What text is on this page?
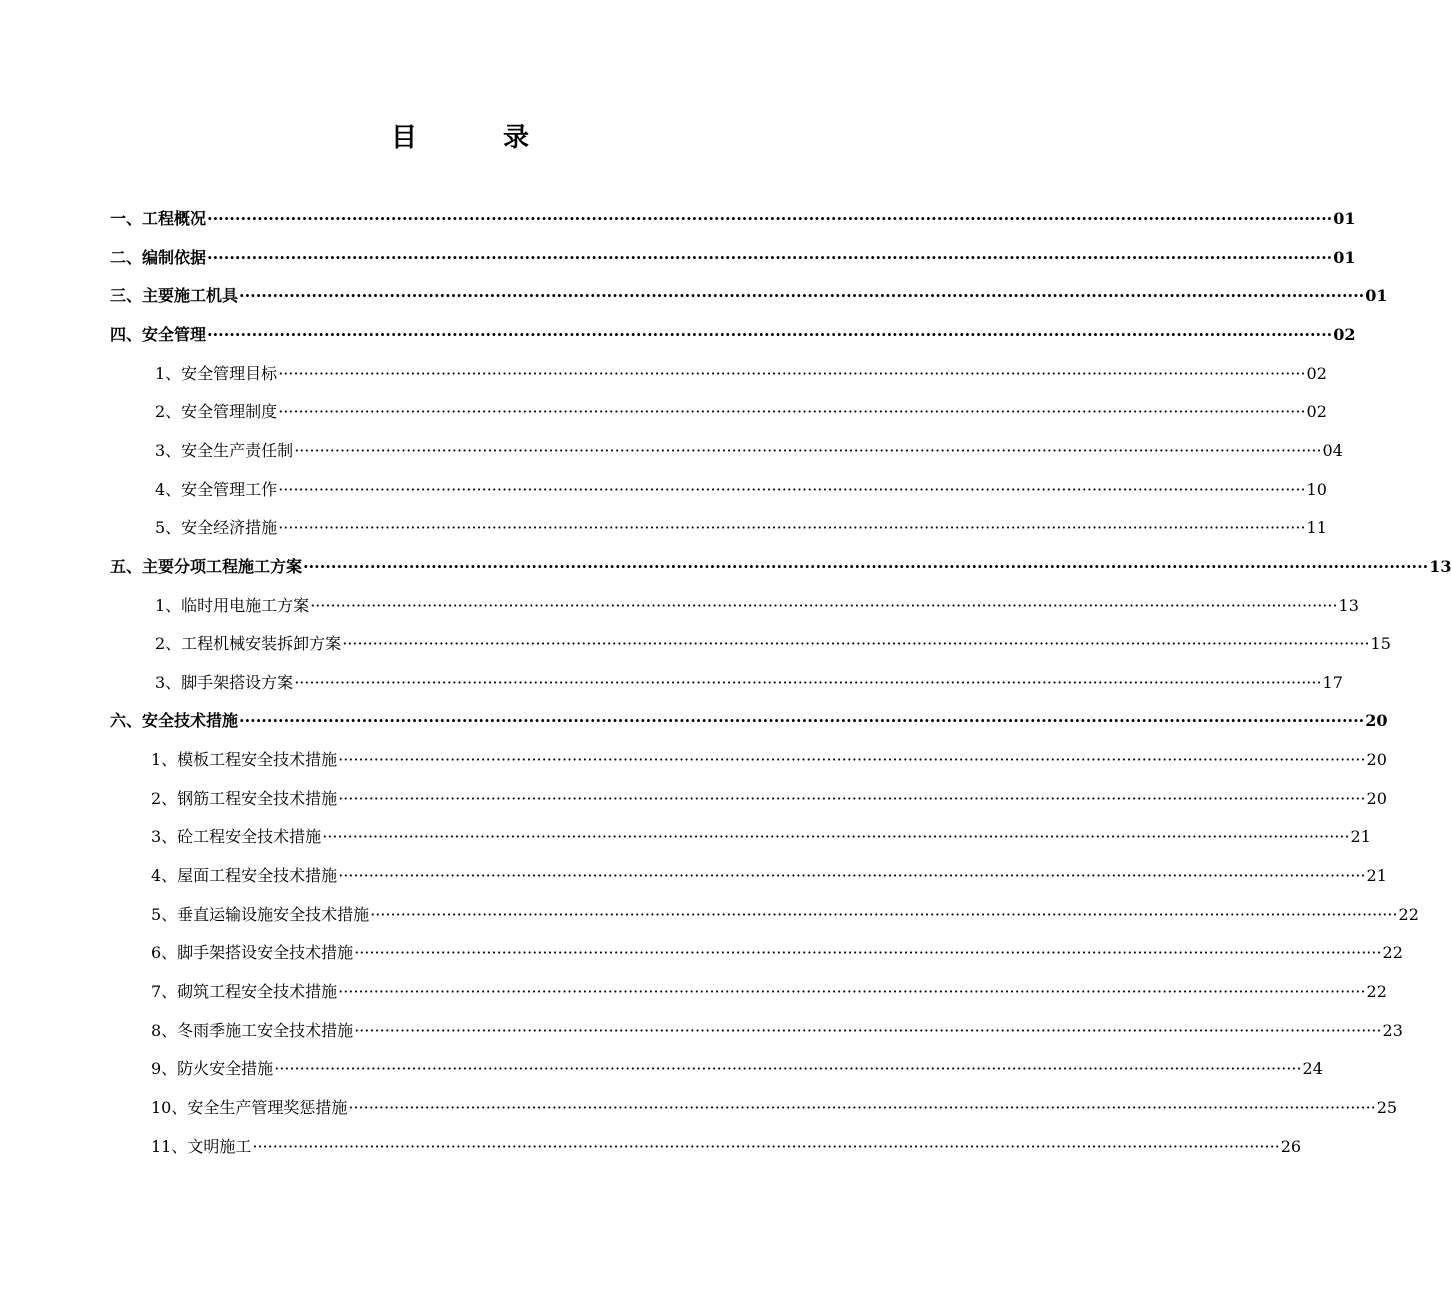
目　录
一、工程概况 ·········································································································································································································· 01
二、编制依据 ·········································································································································································································· 01
三、主要施工机具 ·········································································································································································································· 01
四、安全管理 ·········································································································································································································· 02
1、安全管理目标 ·········································································································································································································· 02
2、安全管理制度 ·········································································································································································································· 02
3、安全生产责任制 ·········································································································································································································· 04
4、安全管理工作 ·········································································································································································································· 10
5、安全经济措施 ·········································································································································································································· 11
五、主要分项工程施工方案 ·········································································································································································································· 13
1、临时用电施工方案 ·········································································································································································································· 13
2、工程机械安装拆卸方案 ·········································································································································································································· 15
3、脚手架搭设方案 ·········································································································································································································· 17
六、安全技术措施 ·········································································································································································································· 20
1、模板工程安全技术措施 ·········································································································································································································· 20
2、钢筋工程安全技术措施 ·········································································································································································································· 20
3、砼工程安全技术措施 ·········································································································································································································· 21
4、屋面工程安全技术措施 ·········································································································································································································· 21
5、垂直运输设施安全技术措施 ·········································································································································································································· 22
6、脚手架搭设安全技术措施 ·········································································································································································································· 22
7、砌筑工程安全技术措施 ·········································································································································································································· 22
8、冬雨季施工安全技术措施 ·········································································································································································································· 23
9、防火安全措施 ·········································································································································································································· 24
10、安全生产管理奖惩措施 ·········································································································································································································· 25
11、文明施工 ·········································································································································································································· 26
